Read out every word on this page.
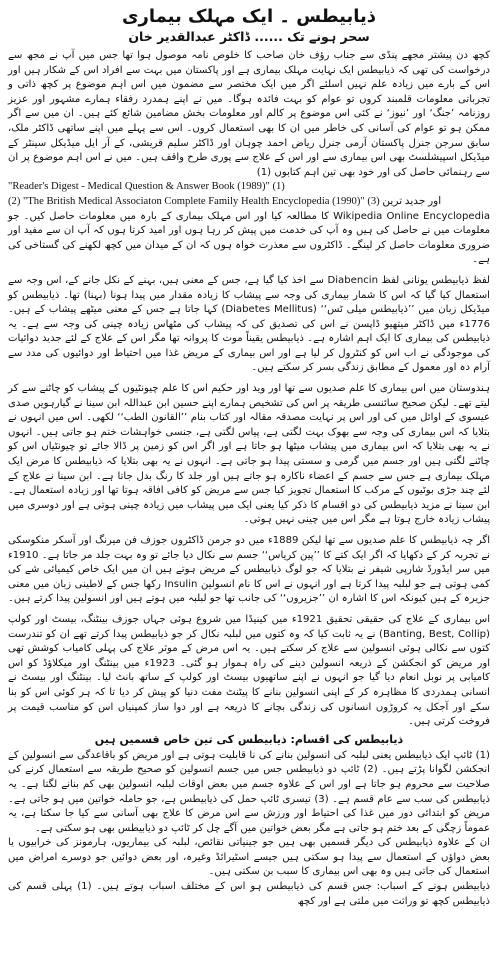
ذیابیطس ۔ ایک مہلک بیماری
سحر ہونے تک ...... ڈاکٹر عبدالقدیر خان

کچھ دن پیشتر مجھے پنڈی سے جناب رؤف خان صاحب کا خلوص نامہ موصول ہوا تھا جس میں آپ نے مجھ سے درخواست کی تھی کہ ذیابیطس ایک نہایت مہلک بیماری ہے اور پاکستان میں بہت سے افراد اس کے شکار ہیں اور اس کے بارے میں زیادہ علم نہیں اسلئے اگر میں ایک مختصر سے مضمون میں اس اہم موضوع پر کچھ ذاتی و تجرباتی معلومات قلمبند کروں تو عوام کو بہت فائدہ ہوگا۔ میں نے اپنے ہمدرد رفقاء ہمارے مشہور اور عزیز روزنامہ ’جنگ‘ اور ’نیوز‘ نے کئی اس موضوع پر کالم اور معلومات بخش مضامین شائع کئے ہیں۔ ان میں سے اگر ممکن ہو تو عوام کی آسانی کی خاطر میں ان کا بھی استعمال کروں۔ اس سے پہلے میں اپنے ساتھی ڈاکٹر ملک، سابق سرجن جنرل پاکستان آرمی جنرل ریاض احمد چوہان اور ڈاکٹر سلیم قریشی، کے آر ایل میڈیکل سینٹر کے میڈیکل اسپیشلسٹ بھی اس بیماری سے اور اس کے علاج سے پوری طرح واقف ہیں۔ میں نے اس اہم موضوع پر ان سے رہنمائی حاصل کی اور خود بھی تین اہم کتابوں (1)

"Reader's Digest - Medical Question & Answer Book (1989)" (1)

(2) "The British Medical Associaton Complete Family Health Encyclopedia (1990)" (3) اور جدید ترین

Wikipedia Online Encyclopedia کا مطالعہ کیا اور اس مہلک بیماری کے بارہ میں معلومات حاصل کیں۔ جو معلومات میں نے حاصل کی ہیں وہ آپ کی خدمت میں پیش کر رہا ہوں اور امید کرتا ہوں کہ آپ ان سے مفید اور ضروری معلومات حاصل کر لینگے۔ ڈاکٹروں سے معذرت خواہ ہوں کہ ان کے میدان میں کچھ لکھنے کی گستاخی کی ہے۔

لفظ ذیابیطس یونانی لفظ Diabencin سے اخذ کیا گیا ہے، جس کے معنی ہیں، بہنے کے نکل جانے کے، اس وجہ سے استعمال کیا گیا کہ اس کا شمار بیماری کی وجہ سے پیشاب کا زیادہ مقدار میں پیدا ہونا (بہنا) تھا۔ ذیابیطس کو میڈیکل زبان میں ’’ذیابیطس میلی ٹس‘‘ (Diabetes Mellitus) کہا جاتا ہے جس کے معنی میٹھے پیشاب کے ہیں۔ 1776ء میں ڈاکٹر میتھیو ڈاپسن نے اس کی تصدیق کی کہ پیشاب کی مٹھاس زیادہ چینی کی وجہ سے ہے۔ یہ ذیابیطس کی بیماری کا ایک اہم اشارہ ہے۔ ذیابیطس یقیناً موت کا پروانہ تھا مگر اس کے علاج کے لئے جدید دوائیات کی موجودگی نے اب اس کو کنٹرول کر لیا ہے اور اس بیماری کے مریض غذا میں احتیاط اور دوائیوں کی مدد سے آرام دہ اور معمول کے مطابق زندگی بسر کر سکتے ہیں۔

ہندوستان میں اس بیماری کا علم صدیوں سے تھا اور وید اور حکیم اس کا علم چیونٹیوں کے پیشاب کو چاٹنے سے کر لیتے تھے۔ لیکن صحیح سائنسی طریقہ پر اس کی تشخیص ہمارے اپنے حسین ابن عبداللہ ابن سینا نے گیارہویں صدی عیسوی کے اوائل میں کی اور اس پر نہایت مصدقہ مقالہ اور کتاب بنام ’’القانون الطب‘‘ لکھی۔ اس میں انہوں نے بتلایا کہ اس بیماری کی وجہ سے بھوک بہت لگتی ہے، پیاس لگتی ہے، جنسی خواہشات ختم ہو جاتی ہیں۔ انہوں نے یہ بھی بتلایا کہ اس بیماری میں پیشاب میٹھا ہو جاتا ہے اور اگر اس کو زمین پر ڈالا جائے تو چیونٹیاں اس کو چاٹنے لگتی ہیں اور جسم میں گرمی و سستی پیدا ہو جاتی ہے۔ انہوں نے یہ بھی بتلایا کہ ذیابیطس کا مرض ایک مہلک بیماری ہے جس سے جسم کے اعضاء ناکارہ ہو جاتے ہیں اور جلد کا رنگ بدل جاتا ہے۔ ابن سینا نے علاج کے لئے چند جڑی بوٹیوں کے مرکب کا استعمال تجویز کیا جس سے مریض کو کافی افاقہ ہوتا تھا اور زیادہ استعمال ہے۔ ابن سینا نے مزید ذیابیطس کی دو اقسام کا ذکر کیا یعنی ایک میں پیشاب میں زیادہ چینی ہوتی ہے اور دوسری میں پیشاب زیادہ خارج ہوتا ہے مگر اس میں چینی نہیں ہوتی۔

اگر چہ ذیابیطس کا علم صدیوں سے تھا لیکن 1889ء میں دو جرمن ڈاکٹروں جوزف فن میرنگ اور آسکر منکوسکی نے تجربہ کر کے دکھایا کہ اگر ایک کتے کا ’’پین کریاس‘‘ جسم سے نکال دیا جائے تو وہ بہت جلد مر جاتا ہے۔ 1910ء میں سر ایڈورڈ شارپی شیفر نے بتلایا کہ جو لوگ ذیابیطس کے مریض ہوتے ہیں ان میں ایک خاص کیمیائی شے کی کمی ہوتی ہے جو لبلبہ پیدا کرتا ہے اور انہوں نے اس کا نام انسولین Insulin رکھا جس کے لاطینی زبان میں معنی جزیرہ کے ہیں کیونکہ اس کا اشارہ ان ’’جزیروں‘‘ کی جانب تھا جو لبلبہ میں ہوتے ہیں اور انسولین پیدا کرتے ہیں۔

اس بیماری کے علاج کی حقیقی تحقیق 1921ء میں کینیڈا میں شروع ہوئی جہاں جوزف بینٹنگ، بیسٹ اور کولپ (Banting, Best, Collip) نے یہ ثابت کیا کہ وہ کتوں میں لبلبہ نکال کر جو ذیابیطس پیدا کرتے تھے ان کو تندرست کتوں سے نکالی ہوئی انسولین سے علاج کر سکتے ہیں۔ یہ اس مرض کے موثر علاج کی پہلی کامیاب کوشش تھی اور مریض کو انجکشن کے ذریعہ انسولین دینے کی راہ ہموار ہو گئی۔ 1923ء میں بینٹنگ اور میکلاؤڈ کو اس کامیابی پر نوبل انعام دیا گیا جو انہوں نے اپنے ساتھیوں بیسٹ اور کولپ کے ساتھ بانٹ لیا۔ بینٹنگ اور بیسٹ نے انسانی ہمدردی کا مظاہرہ کر کے اپنی انسولین بنانے کا پیٹنٹ مفت دنیا کو پیش کر دیا تا کہ ہر کوئی اس کو بنا سکے اور آجکل یہ کروڑوں انسانوں کی زندگی بچانے کا ذریعہ ہے اور دوا ساز کمپنیاں اس کو مناسب قیمت پر فروخت کرتی ہیں۔

ذیابیطس کی اقسام: ذیابیطس کی تین خاص قسمیں ہیں

(1) ٹائپ ایک ذیابیطس یعنی لبلبہ کی انسولین بنانے کی نا قابلیت ہوتی ہے اور مریض کو باقاعدگی سے انسولین کے انجکشن لگوانا پڑتے ہیں۔ (2) ٹائپ دو ذیابیطس جس میں جسم انسولین کو صحیح طریقہ سے استعمال کرنے کی صلاحیت سے محروم ہو جاتا ہے اور اس کے علاوہ جسم میں بعض اوقات لبلبہ انسولین بھی کم بنانے لگتا ہے۔ یہ ذیابیطس کی سب سے عام قسم ہے۔ (3) تیسری ٹائپ حمل کی ذیابیطس ہے، جو حاملہ خواتین میں ہو جاتی ہے۔ مریض کو ابتدائی دور میں غذا کی احتیاط اور ورزش سے اس مرض کا علاج بھی آسانی سے کیا جا سکتا ہے، یہ عموماً زچگی کے بعد ختم ہو جاتی ہے مگر بعض خواتین میں آگے چل کر ٹائپ دو ذیابیطس بھی ہو سکتی ہے۔

ان کے علاوہ ذیابیطس کی دیگر قسمیں بھی ہیں جو جینیاتی نقائص، لبلبہ کی بیماریوں، ہارمونز کی خرابیوں یا بعض دواؤں کے استعمال سے پیدا ہو سکتی ہیں جیسے اسٹیرائڈ وغیرہ، اور بعض دوائیں جو دوسرے امراض میں استعمال کی جاتی ہیں وہ بھی اس بیماری کا سبب بن سکتی ہیں۔

ذیابیطس ہونے کے اسباب: جس قسم کی ذیابیطس ہو اس کے مختلف اسباب ہوتے ہیں۔ (1) پہلی قسم کی ذیابیطس کچھ تو وراثت میں ملتی ہے اور کچھ
